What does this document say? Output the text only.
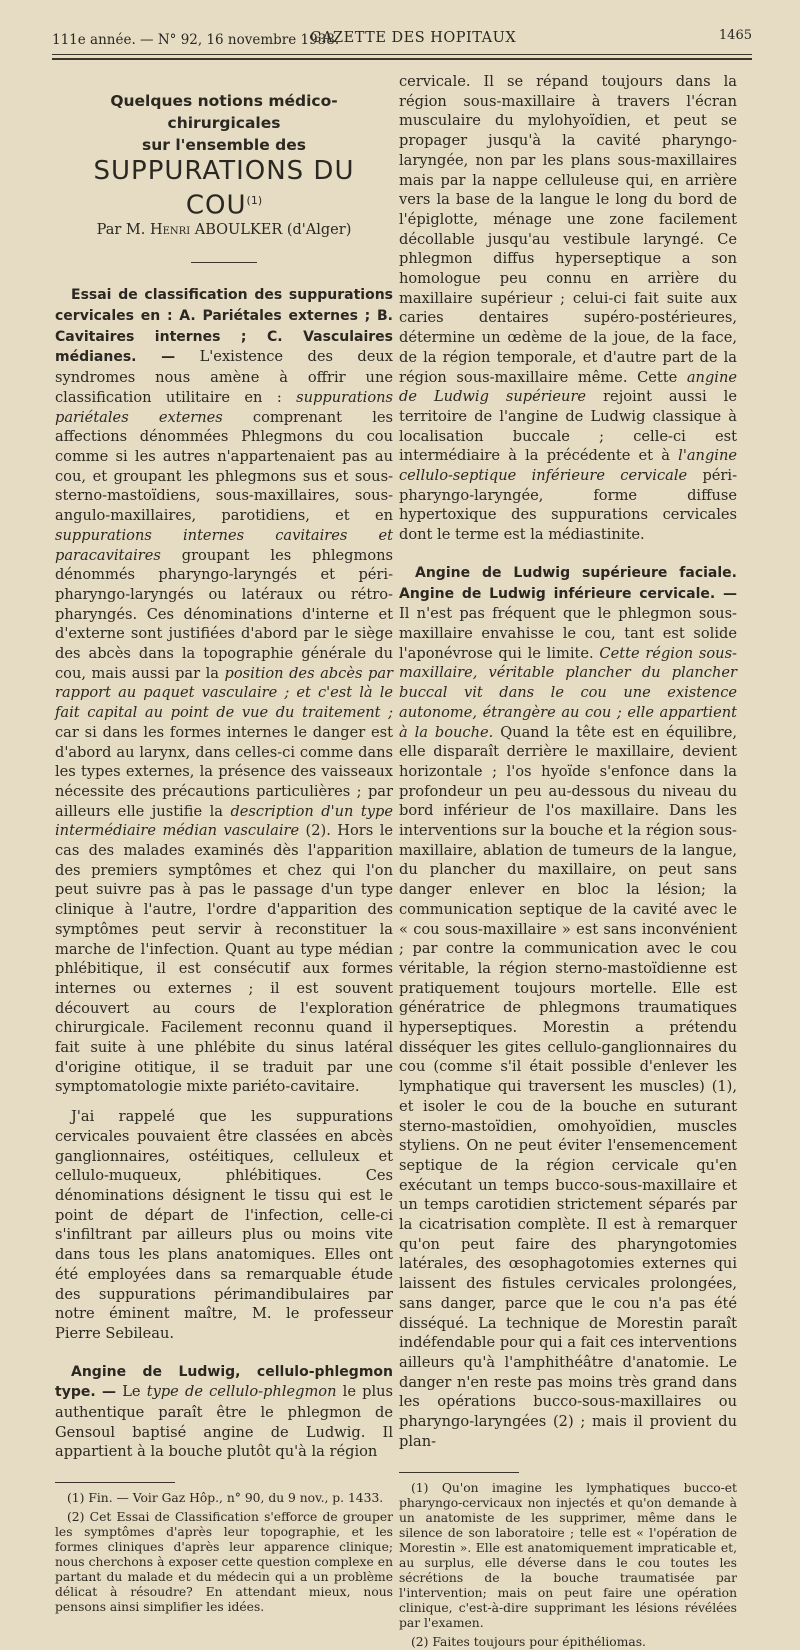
111e année. — N° 92, 16 novembre 1938.
GAZETTE DES HOPITAUX	1465

Quelques notions médico-chirurgicales

sur l'ensemble des

SUPPURATIONS DU COU$^{(1)}$

Par M. Henri ABOULKER (d'Alger)

Essai de classification des suppurations cervicales en : A. Pariétales externes ; B. Cavitaires internes ; C. Vasculaires médianes. — L'existence des deux syndromes nous amène à offrir une classification utilitaire en : suppurations pariétales externes comprenant les affections dénommées Phlegmons du cou comme si les autres n'appartenaient pas au cou, et groupant les phlegmons sus et sous-sterno-mastoïdiens, sous-maxillaires, sous-angulo-maxillaires, parotidiens, et en suppurations internes cavitaires et paracavitaires groupant les phlegmons dénommés pharyngo-laryngés et péri-pharyngo-laryngés ou latéraux ou rétro-pharyngés. Ces dénominations d'interne et d'externe sont justifiées d'abord par le siège des abcès dans la topographie générale du cou, mais aussi par la position des abcès par rapport au paquet vasculaire ; et c'est là le fait capital au point de vue du traitement ; car si dans les formes internes le danger est d'abord au larynx, dans celles-ci comme dans les types externes, la présence des vaisseaux nécessite des précautions particulières ; par ailleurs elle justifie la description d'un type intermédiaire médian vasculaire (2). Hors le cas des malades examinés dès l'apparition des premiers symptômes et chez qui l'on peut suivre pas à pas le passage d'un type clinique à l'autre, l'ordre d'apparition des symptômes peut servir à reconstituer la marche de l'infection. Quant au type médian phlébitique, il est consécutif aux formes internes ou externes ; il est souvent découvert au cours de l'exploration chirurgicale. Facilement reconnu quand il fait suite à une phlébite du sinus latéral d'origine otitique, il se traduit par une symptomatologie mixte pariéto-cavitaire.

J'ai rappelé que les suppurations cervicales pouvaient être classées en abcès ganglionnaires, ostéitiques, celluleux et cellulo-muqueux, phlébitiques. Ces dénominations désignent le tissu qui est le point de départ de l'infection, celle-ci s'infiltrant par ailleurs plus ou moins vite dans tous les plans anatomiques. Elles ont été employées dans sa remarquable étude des suppurations périmandibulaires par notre éminent maître, M. le professeur Pierre Sebileau.

Angine de Ludwig, cellulo-phlegmon type. — Le type de cellulo-phlegmon le plus authentique paraît être le phlegmon de Gensoul baptisé angine de Ludwig. Il appartient à la bouche plutôt qu'à la région

(1) Fin. — Voir Gaz Hôp., n° 90, du 9 nov., p. 1433.

(2) Cet Essai de Classification s'efforce de grouper les symptômes d'après leur topographie, et les formes cliniques d'après leur apparence clinique; nous cherchons à exposer cette question complexe en partant du malade et du médecin qui a un problème délicat à résoudre? En attendant mieux, nous pensons ainsi simplifier les idées.

cervicale. Il se répand toujours dans la région sous-maxillaire à travers l'écran musculaire du mylohyoïdien, et peut se propager jusqu'à la cavité pharyngo-laryngée, non par les plans sous-maxillaires mais par la nappe celluleuse qui, en arrière vers la base de la langue le long du bord de l'épiglotte, ménage une zone facilement décollable jusqu'au vestibule laryngé. Ce phlegmon diffus hyperseptique a son homologue peu connu en arrière du maxillaire supérieur ; celui-ci fait suite aux caries dentaires supéro-postérieures, détermine un œdème de la joue, de la face, de la région temporale, et d'autre part de la région sous-maxillaire même. Cette angine de Ludwig supérieure rejoint aussi le territoire de l'angine de Ludwig classique à localisation buccale ; celle-ci est intermédiaire à la précédente et à l'angine cellulo-septique inférieure cervicale péri-pharyngo-laryngée, forme diffuse hypertoxique des suppurations cervicales dont le terme est la médiastinite.

Angine de Ludwig supérieure faciale. Angine de Ludwig inférieure cervicale. — Il n'est pas fréquent que le phlegmon sous-maxillaire envahisse le cou, tant est solide l'aponévrose qui le limite. Cette région sous-maxillaire, véritable plancher du plancher buccal vit dans le cou une existence autonome, étrangère au cou ; elle appartient à la bouche. Quand la tête est en équilibre, elle disparaît derrière le maxillaire, devient horizontale ; l'os hyoïde s'enfonce dans la profondeur un peu au-dessous du niveau du bord inférieur de l'os maxillaire. Dans les interventions sur la bouche et la région sous-maxillaire, ablation de tumeurs de la langue, du plancher du maxillaire, on peut sans danger enlever en bloc la lésion; la communication septique de la cavité avec le « cou sous-maxillaire » est sans inconvénient ; par contre la communication avec le cou véritable, la région sterno-mastoïdienne est pratiquement toujours mortelle. Elle est génératrice de phlegmons traumatiques hyperseptiques. Morestin a prétendu disséquer les gites cellulo-ganglionnaires du cou (comme s'il était possible d'enlever les lymphatique qui traversent les muscles) (1), et isoler le cou de la bouche en suturant sterno-mastoïdien, omohyoïdien, muscles styliens. On ne peut éviter l'ensemencement septique de la région cervicale qu'en exécutant un temps bucco-sous-maxillaire et un temps carotidien strictement séparés par la cicatrisation complète. Il est à remarquer qu'on peut faire des pharyngotomies latérales, des œsophagotomies externes qui laissent des fistules cervicales prolongées, sans danger, parce que le cou n'a pas été disséqué. La technique de Morestin paraît indéfendable pour qui a fait ces interventions ailleurs qu'à l'amphithéâtre d'anatomie. Le danger n'en reste pas moins très grand dans les opérations bucco-sous-maxillaires ou pharyngo-laryngées (2) ; mais il provient du plan-

(1) Qu'on imagine les lymphatiques bucco-et pharyngo-cervicaux non injectés et qu'on demande à un anatomiste de les supprimer, même dans le silence de son laboratoire ; telle est « l'opération de Morestin ». Elle est anatomiquement impraticable et, au surplus, elle déverse dans le cou toutes les sécrétions de la bouche traumatisée par l'intervention; mais on peut faire une opération clinique, c'est-à-dire supprimant les lésions révélées par l'examen.

(2) Faites toujours pour épithéliomas.
